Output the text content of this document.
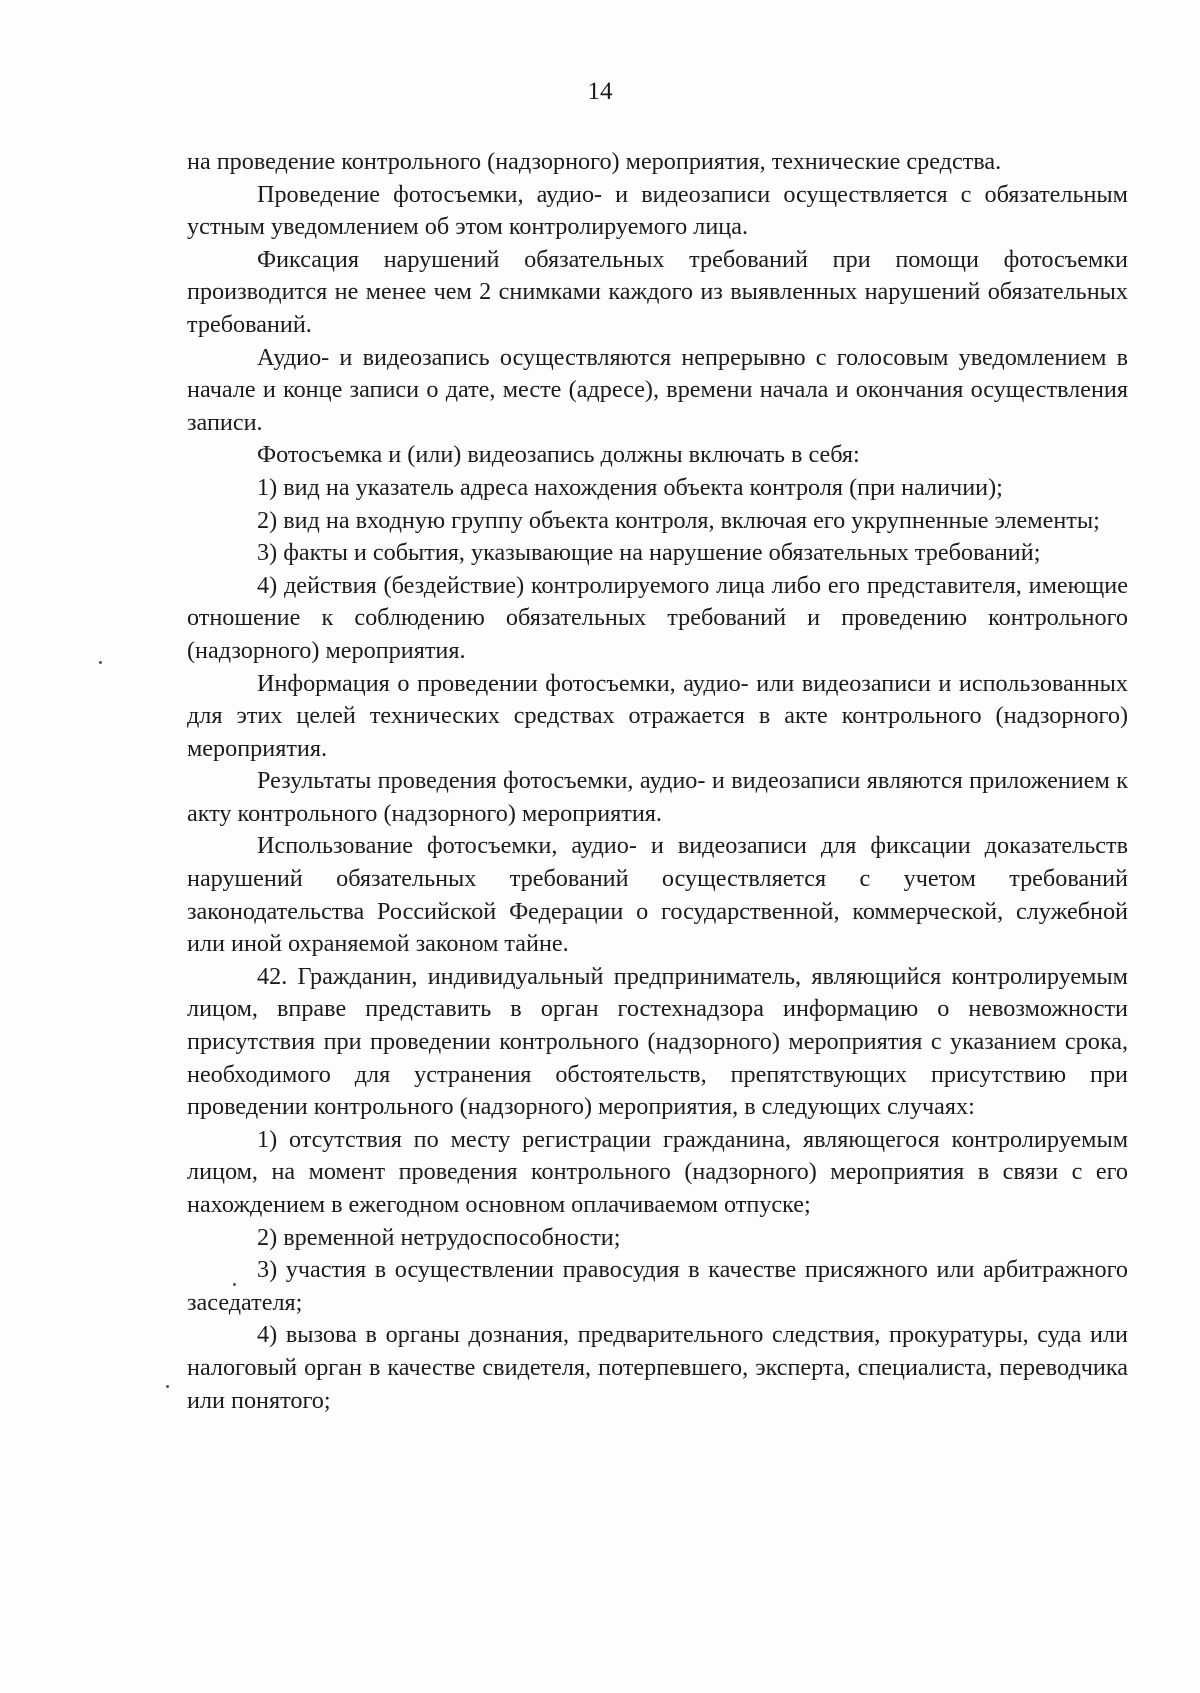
14

на проведение контрольного (надзорного) мероприятия, технические средства.

Проведение фотосъемки, аудио- и видеозаписи осуществляется с обязательным устным уведомлением об этом контролируемого лица.

Фиксация нарушений обязательных требований при помощи фотосъемки производится не менее чем 2 снимками каждого из выявленных нарушений обязательных требований.

Аудио- и видеозапись осуществляются непрерывно с голосовым уведомлением в начале и конце записи о дате, месте (адресе), времени начала и окончания осуществления записи.

Фотосъемка и (или) видеозапись должны включать в себя:

1) вид на указатель адреса нахождения объекта контроля (при наличии);

2) вид на входную группу объекта контроля, включая его укрупненные элементы;

3) факты и события, указывающие на нарушение обязательных требований;

4) действия (бездействие) контролируемого лица либо его представителя, имеющие отношение к соблюдению обязательных требований и проведению контрольного (надзорного) мероприятия.

Информация о проведении фотосъемки, аудио- или видеозаписи и использованных для этих целей технических средствах отражается в акте контрольного (надзорного) мероприятия.

Результаты проведения фотосъемки, аудио- и видеозаписи являются приложением к акту контрольного (надзорного) мероприятия.

Использование фотосъемки, аудио- и видеозаписи для фиксации доказательств нарушений обязательных требований осуществляется с учетом требований законодательства Российской Федерации о государственной, коммерческой, служебной или иной охраняемой законом тайне.

42. Гражданин, индивидуальный предприниматель, являющийся контролируемым лицом, вправе представить в орган гостехнадзора информацию о невозможности присутствия при проведении контрольного (надзорного) мероприятия с указанием срока, необходимого для устранения обстоятельств, препятствующих присутствию при проведении контрольного (надзорного) мероприятия, в следующих случаях:

1) отсутствия по месту регистрации гражданина, являющегося контролируемым лицом, на момент проведения контрольного (надзорного) мероприятия в связи с его нахождением в ежегодном основном оплачиваемом отпуске;

2) временной нетрудоспособности;

3) участия в осуществлении правосудия в качестве присяжного или арбитражного заседателя;

4) вызова в органы дознания, предварительного следствия, прокуратуры, суда или налоговый орган в качестве свидетеля, потерпевшего, эксперта, специалиста, переводчика или понятого;
